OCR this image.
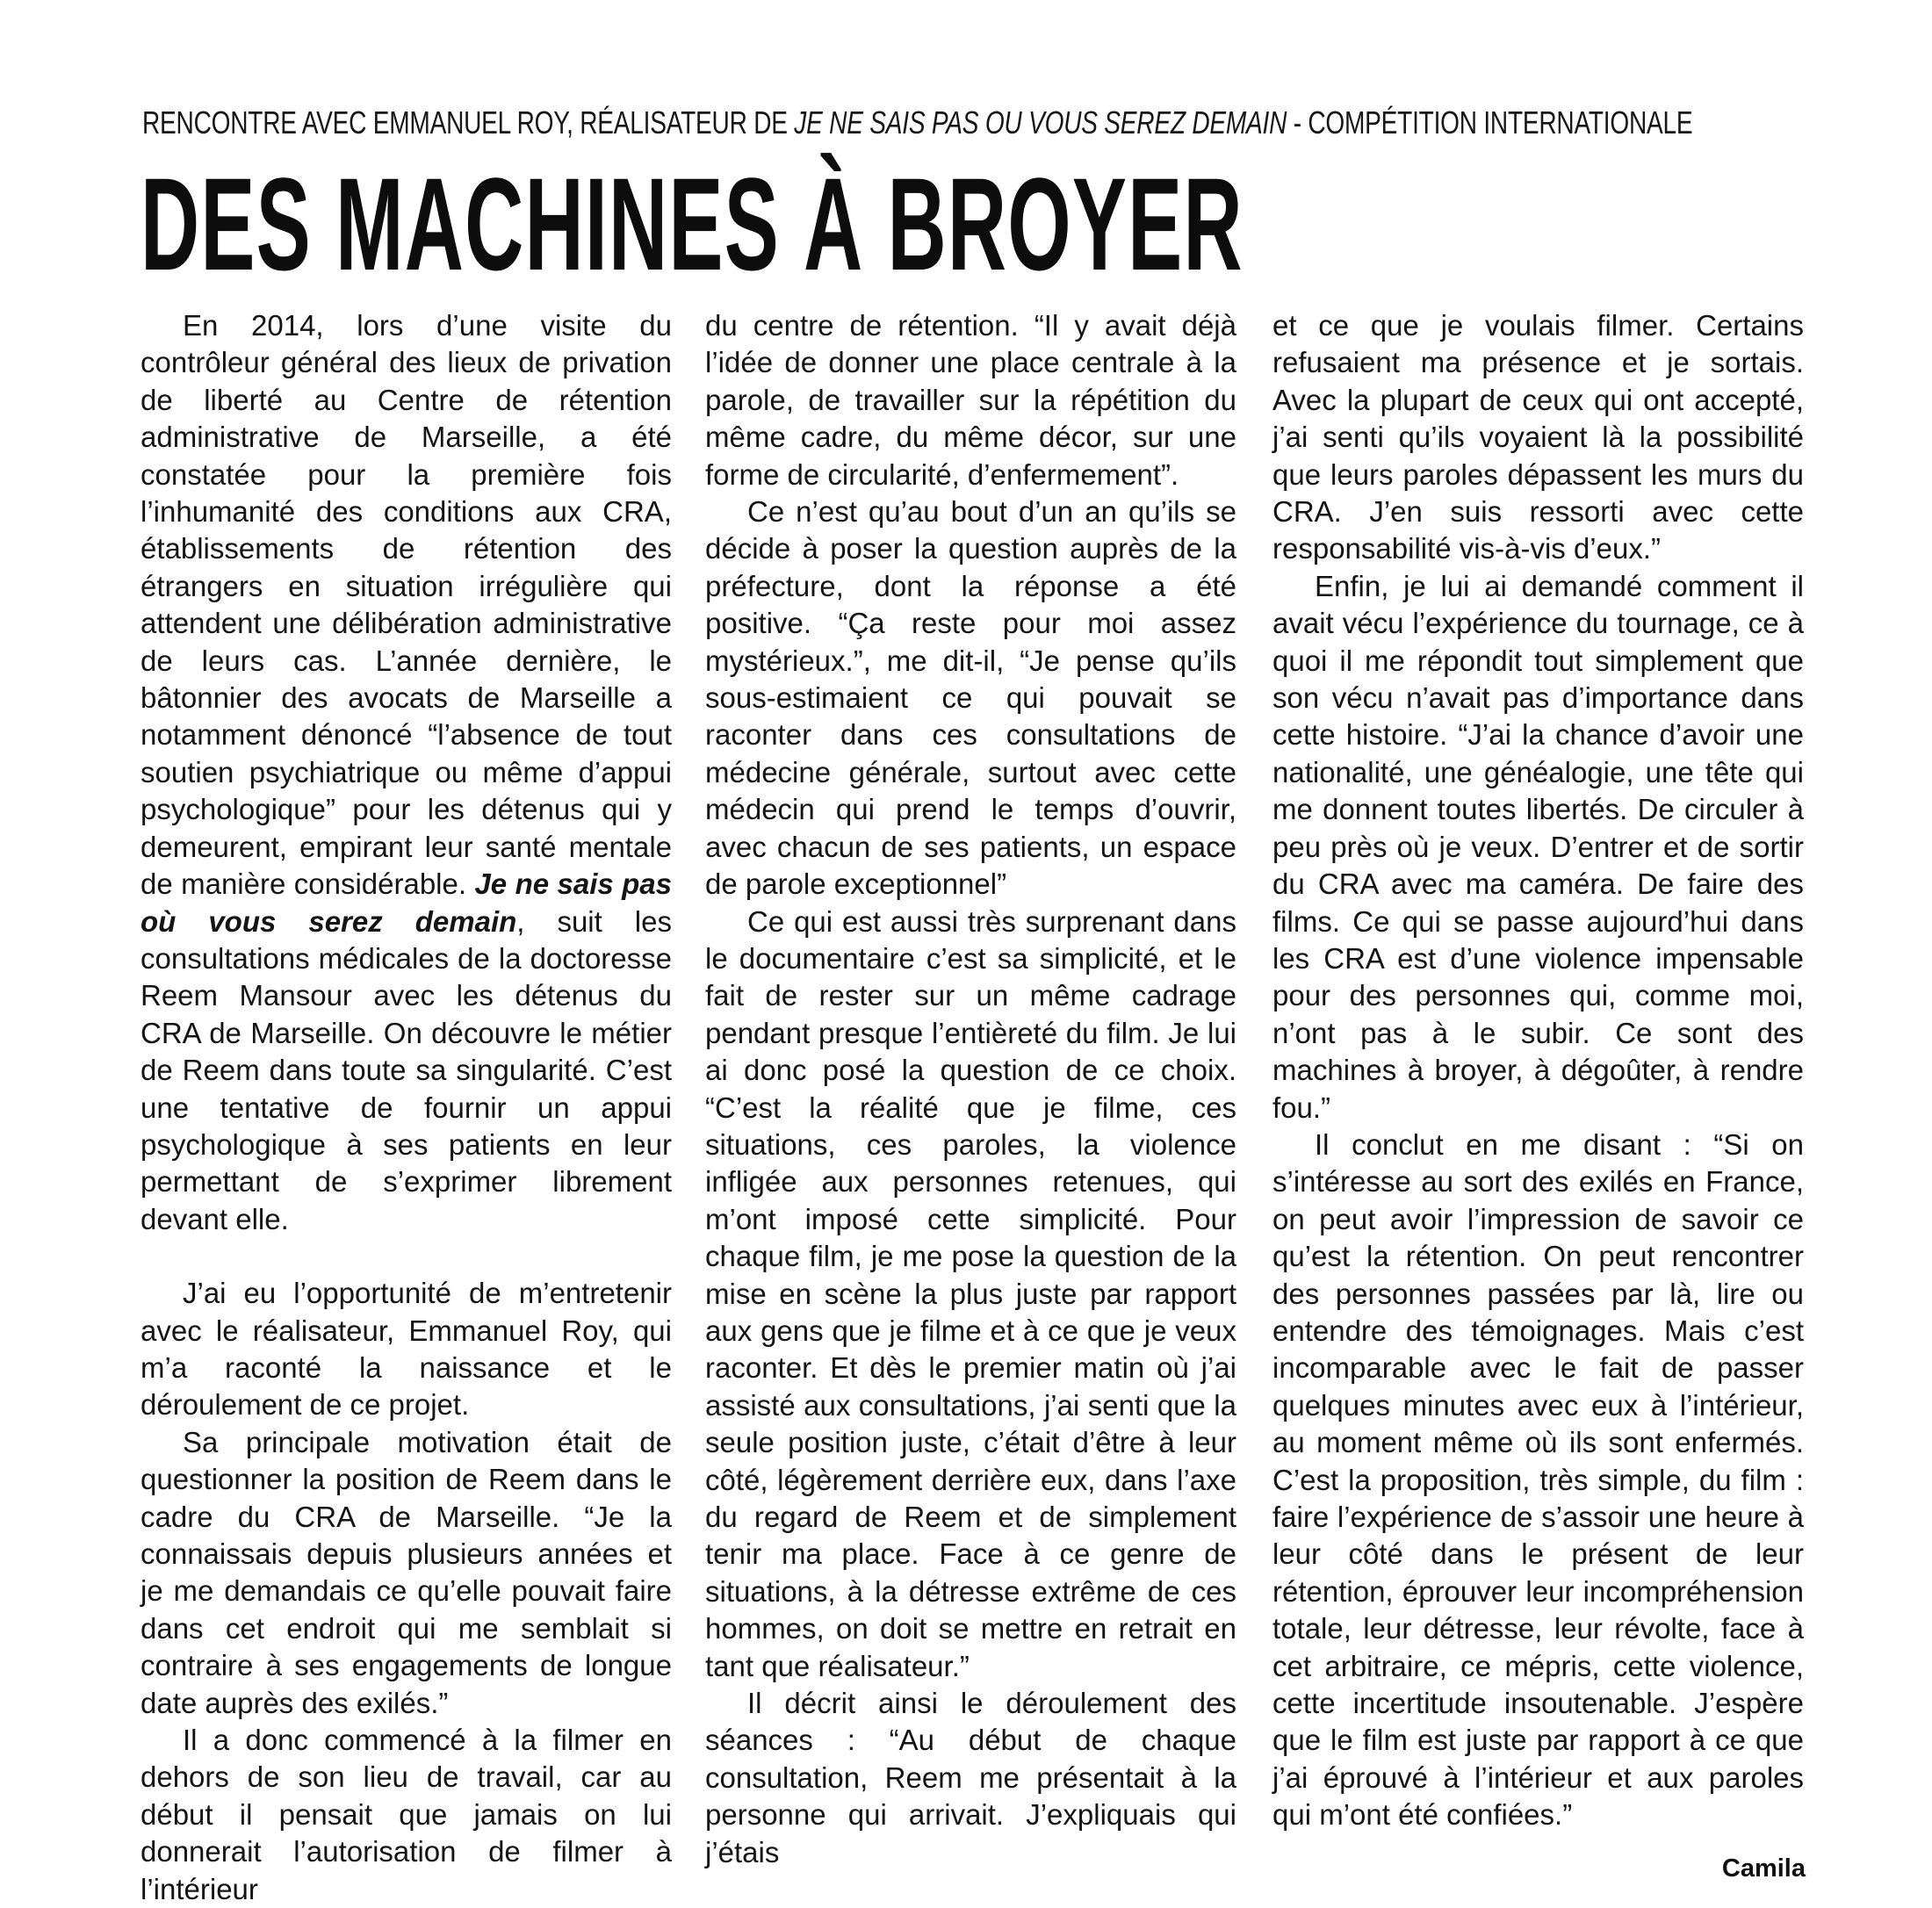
RENCONTRE AVEC EMMANUEL ROY, RÉALISATEUR DE JE NE SAIS PAS OU VOUS SEREZ DEMAIN - COMPÉTITION INTERNATIONALE
DES MACHINES À BROYER

En 2014, lors d’une visite du contrôleur général des lieux de privation de liberté au Centre de rétention administrative de Marseille, a été constatée pour la première fois l’inhumanité des conditions aux CRA, établissements de rétention des étrangers en situation irrégulière qui attendent une délibération administrative de leurs cas. L’année dernière, le bâtonnier des avocats de Marseille a notamment dénoncé “l’absence de tout soutien psychiatrique ou même d’appui psychologique” pour les détenus qui y demeurent, empirant leur santé mentale de manière considérable. Je ne sais pas où vous serez demain, suit les consultations médicales de la doctoresse Reem Mansour avec les détenus du CRA de Marseille. On découvre le métier de Reem dans toute sa singularité. C’est une tentative de fournir un appui psychologique à ses patients en leur permettant de s’exprimer librement devant elle.

J’ai eu l’opportunité de m’entretenir avec le réalisateur, Emmanuel Roy, qui m’a raconté la naissance et le déroulement de ce projet.

Sa principale motivation était de questionner la position de Reem dans le cadre du CRA de Marseille. “Je la connaissais depuis plusieurs années et je me demandais ce qu’elle pouvait faire dans cet endroit qui me semblait si contraire à ses engagements de longue date auprès des exilés.”

Il a donc commencé à la filmer en dehors de son lieu de travail, car au début il pensait que jamais on lui donnerait l’autorisation de filmer à l’intérieur

du centre de rétention. “Il y avait déjà l’idée de donner une place centrale à la parole, de travailler sur la répétition du même cadre, du même décor, sur une forme de circularité, d’enfermement”.

Ce n’est qu’au bout d’un an qu’ils se décide à poser la question auprès de la préfecture, dont la réponse a été positive. “Ça reste pour moi assez mystérieux.”, me dit-il, “Je pense qu’ils sous-estimaient ce qui pouvait se raconter dans ces consultations de médecine générale, surtout avec cette médecin qui prend le temps d’ouvrir, avec chacun de ses patients, un espace de parole exceptionnel”

Ce qui est aussi très surprenant dans le documentaire c’est sa simplicité, et le fait de rester sur un même cadrage pendant presque l’entièreté du film. Je lui ai donc posé la question de ce choix. “C’est la réalité que je filme, ces situations, ces paroles, la violence infligée aux personnes retenues, qui m’ont imposé cette simplicité. Pour chaque film, je me pose la question de la mise en scène la plus juste par rapport aux gens que je filme et à ce que je veux raconter. Et dès le premier matin où j’ai assisté aux consultations, j’ai senti que la seule position juste, c’était d’être à leur côté, légèrement derrière eux, dans l’axe du regard de Reem et de simplement tenir ma place. Face à ce genre de situations, à la détresse extrême de ces hommes, on doit se mettre en retrait en tant que réalisateur.”

Il décrit ainsi le déroulement des séances : “Au début de chaque consultation, Reem me présentait à la personne qui arrivait. J’expliquais qui j’étais

et ce que je voulais filmer. Certains refusaient ma présence et je sortais. Avec la plupart de ceux qui ont accepté, j’ai senti qu’ils voyaient là la possibilité que leurs paroles dépassent les murs du CRA. J’en suis ressorti avec cette responsabilité vis-à-vis d’eux.”

Enfin, je lui ai demandé comment il avait vécu l’expérience du tournage, ce à quoi il me répondit tout simplement que son vécu n’avait pas d’importance dans cette histoire. “J’ai la chance d’avoir une nationalité, une généalogie, une tête qui me donnent toutes libertés. De circuler à peu près où je veux. D’entrer et de sortir du CRA avec ma caméra. De faire des films. Ce qui se passe aujourd’hui dans les CRA est d’une violence impensable pour des personnes qui, comme moi, n’ont pas à le subir. Ce sont des machines à broyer, à dégoûter, à rendre fou.”

Il conclut en me disant : “Si on s’intéresse au sort des exilés en France, on peut avoir l’impression de savoir ce qu’est la rétention. On peut rencontrer des personnes passées par là, lire ou entendre des témoignages. Mais c’est incomparable avec le fait de passer quelques minutes avec eux à l’intérieur, au moment même où ils sont enfermés. C’est la proposition, très simple, du film : faire l’expérience de s’assoir une heure à leur côté dans le présent de leur rétention, éprouver leur incompréhension totale, leur détresse, leur révolte, face à cet arbitraire, ce mépris, cette violence, cette incertitude insoutenable. J’espère que le film est juste par rapport à ce que j’ai éprouvé à l’intérieur et aux paroles qui m’ont été confiées.”

Camila
